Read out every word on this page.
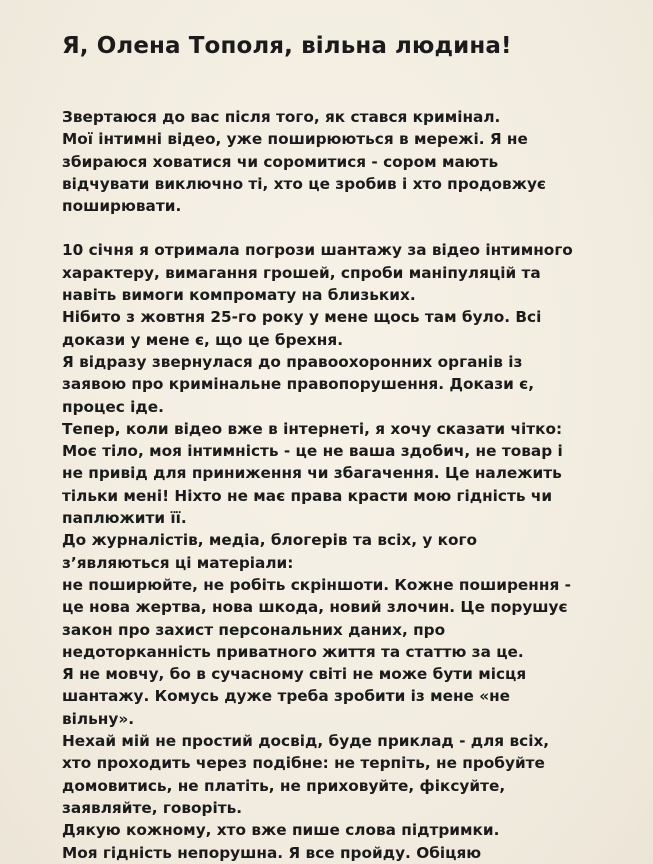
Я, Олена Тополя, вільна людина!
Звертаюся до вас після того, як стався кримінал.
Мої інтимні відео, уже поширюються в мережі. Я не
збираюся ховатися чи соромитися - сором мають
відчувати виключно ті, хто це зробив і хто продовжує
поширювати.
10 січня я отримала погрози шантажу за відео інтимного
характеру, вимагання грошей, спроби маніпуляцій та
навіть вимоги компромату на близьких.
Нібито з жовтня 25-го року у мене щось там було. Всі
докази у мене є, що це брехня.
Я відразу звернулася до правоохоронних органів із
заявою про кримінальне правопорушення. Докази є,
процес іде.
Тепер, коли відео вже в інтернеті, я хочу сказати чітко:
Моє тіло, моя інтимність - це не ваша здобич, не товар і
не привід для приниження чи збагачення. Це належить
тільки мені! Ніхто не має права красти мою гідність чи
паплюжити її.
До журналістів, медіа, блогерів та всіх, у кого
з’являються ці матеріали:
не поширюйте, не робіть скріншоти. Кожне поширення -
це нова жертва, нова шкода, новий злочин. Це порушує
закон про захист персональних даних, про
недоторканність приватного життя та статтю за це.
Я не мовчу, бо в сучасному світі не може бути місця
шантажу. Комусь дуже треба зробити із мене «не
вільну».
Нехай мій не простий досвід, буде приклад - для всіх,
хто проходить через подібне: не терпіть, не пробуйте
домовитись, не платіть, не приховуйте, фіксуйте,
заявляйте, говоріть.
Дякую кожному, хто вже пише слова підтримки.
Моя гідність непорушна. Я все пройду. Обіцяю
